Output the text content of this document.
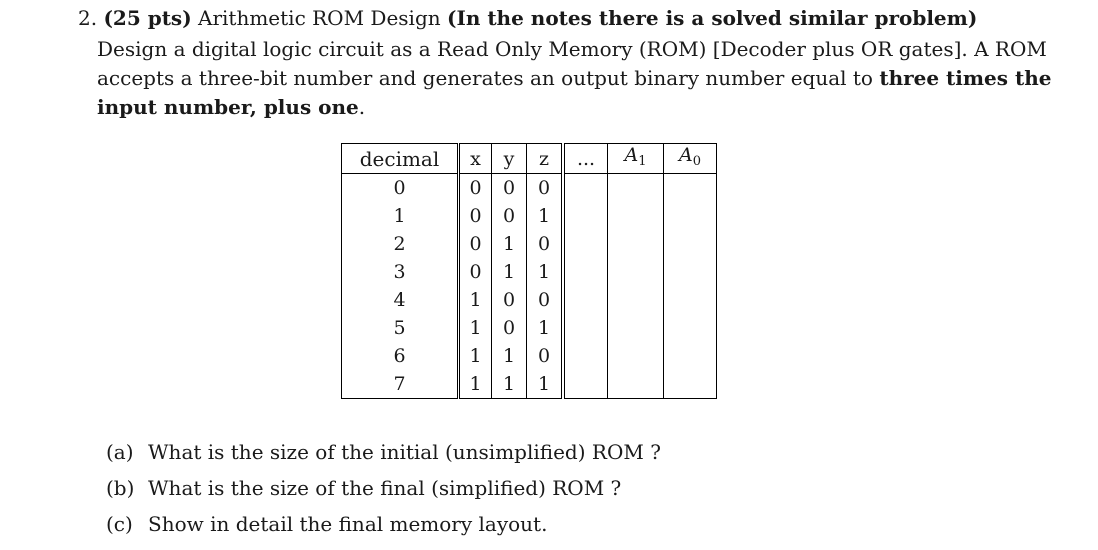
2. (25 pts) Arithmetic ROM Design (In the notes there is a solved similar problem)
Design a digital logic circuit as a Read Only Memory (ROM) [Decoder plus OR gates]. A ROM accepts a three-bit number and generates an output binary number equal to three times the input number, plus one.
decimal	x	y	z	...	$A_1$	$A_0$
0	0	0	0			
1	0	0	1			
2	0	1	0			
3	0	1	1			
4	1	0	0			
5	1	0	1			
6	1	1	0			
7	1	1	1			
(a) What is the size of the initial (unsimplified) ROM ?
(b) What is the size of the final (simplified) ROM ?
(c) Show in detail the final memory layout.
